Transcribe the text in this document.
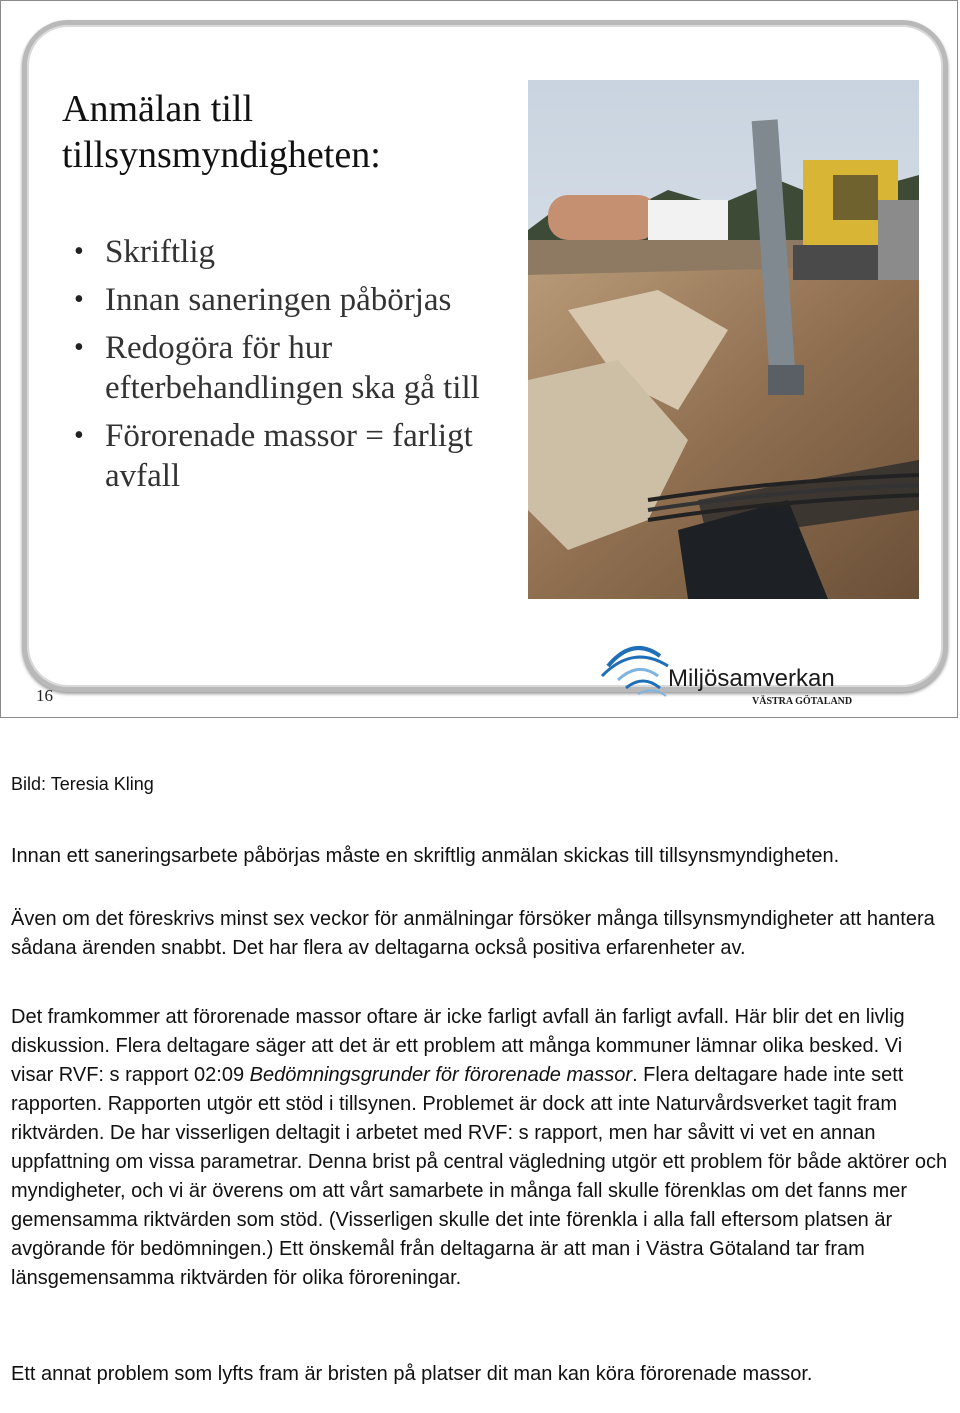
Anmälan till
tillsynsmyndigheten:
• Skriftlig
• Innan saneringen påbörjas
• Redogöra för hur efterbehandlingen ska gå till
• Förorenade massor = farligt avfall
16
Miljösamverkan
VÄSTRA GÖTALAND
Bild: Teresia Kling

Innan ett saneringsarbete påbörjas måste en skriftlig anmälan skickas till tillsynsmyndigheten.

Även om det föreskrivs minst sex veckor för anmälningar försöker många tillsynsmyndigheter att hantera sådana ärenden snabbt. Det har flera av deltagarna också positiva erfarenheter av.

Det framkommer att förorenade massor oftare är icke farligt avfall än farligt avfall. Här blir det en livlig diskussion. Flera deltagare säger att det är ett problem att många kommuner lämnar olika besked. Vi visar RVF: s rapport 02:09 Bedömningsgrunder för förorenade massor. Flera deltagare hade inte sett rapporten. Rapporten utgör ett stöd i tillsynen. Problemet är dock att inte Naturvårdsverket tagit fram riktvärden. De har visserligen deltagit i arbetet med RVF: s rapport, men har såvitt vi vet en annan uppfattning om vissa parametrar. Denna brist på central vägledning utgör ett problem för både aktörer och myndigheter, och vi är överens om att vårt samarbete in många fall skulle förenklas om det fanns mer gemensamma riktvärden som stöd. (Visserligen skulle det inte förenkla i alla fall eftersom platsen är avgörande för bedömningen.) Ett önskemål från deltagarna är att man i Västra Götaland tar fram länsgemensamma riktvärden för olika föroreningar.

Ett annat problem som lyfts fram är bristen på platser dit man kan köra förorenade massor.
